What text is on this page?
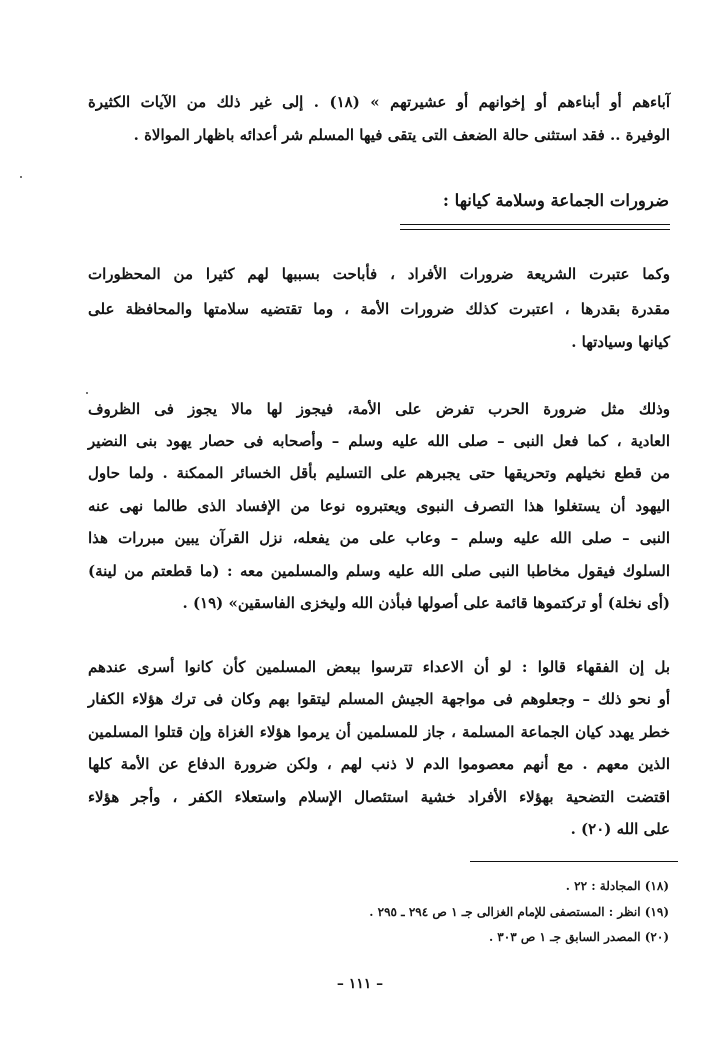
آباءهم أو أبناءهم أو إخوانهم أو عشيرتهم » (١٨) . إلى غير ذلك من الآيات الكثيرة
الوفيرة .. فقد استثنى حالة الضعف التى يتقى فيها المسلم شر أعدائه باظهار الموالاة .
ضرورات الجماعة وسلامة كيانها :
وكما عتبرت الشريعة ضرورات الأفراد ، فأباحت بسببها لهم كثيرا من المحظورات
مقدرة بقدرها ، اعتبرت كذلك ضرورات الأمة ، وما تقتضيه سلامتها والمحافظة على
كيانها وسيادتها .
وذلك مثل ضرورة الحرب تفرض على الأمة، فيجوز لها مالا يجوز فى الظروف
العادية ، كما فعل النبى – صلى الله عليه وسلم – وأصحابه فى حصار يهود بنى النضير
من قطع نخيلهم وتحريقها حتى يجبرهم على التسليم بأقل الخسائر الممكنة . ولما حاول
اليهود أن يستغلوا هذا التصرف النبوى ويعتبروه نوعا من الإفساد الذى طالما نهى عنه
النبى – صلى الله عليه وسلم – وعاب على من يفعله، نزل القرآن يبين مبررات هذا
السلوك فيقول مخاطبا النبى صلى الله عليه وسلم والمسلمين معه : (ما قطعتم من لينة)
(أى نخلة) أو تركتموها قائمة على أصولها فبأذن الله وليخزى الفاسقين» (١٩) .
بل إن الفقهاء قالوا : لو أن الاعداء تترسوا ببعض المسلمين كأن كانوا أسرى عندهم
أو نحو ذلك – وجعلوهم فى مواجهة الجيش المسلم ليتقوا بهم وكان فى ترك هؤلاء الكفار
خطر يهدد كيان الجماعة المسلمة ، جاز للمسلمين أن يرموا هؤلاء الغزاة وإن قتلوا المسلمين
الذين معهم . مع أنهم معصوموا الدم لا ذنب لهم ، ولكن ضرورة الدفاع عن الأمة كلها
اقتضت التضحية بهؤلاء الأفراد خشية استئصال الإسلام واستعلاء الكفر ، وأجر هؤلاء
على الله (٢٠) .
(١٨) المجادلة : ٢٢ .
(١٩) انظر : المستصفى للإمام الغزالى جـ ١ ص ٢٩٤ ـ ٢٩٥ .
(٢٠) المصدر السابق جـ ١ ص ٣٠٣ .
– ١١١ –
